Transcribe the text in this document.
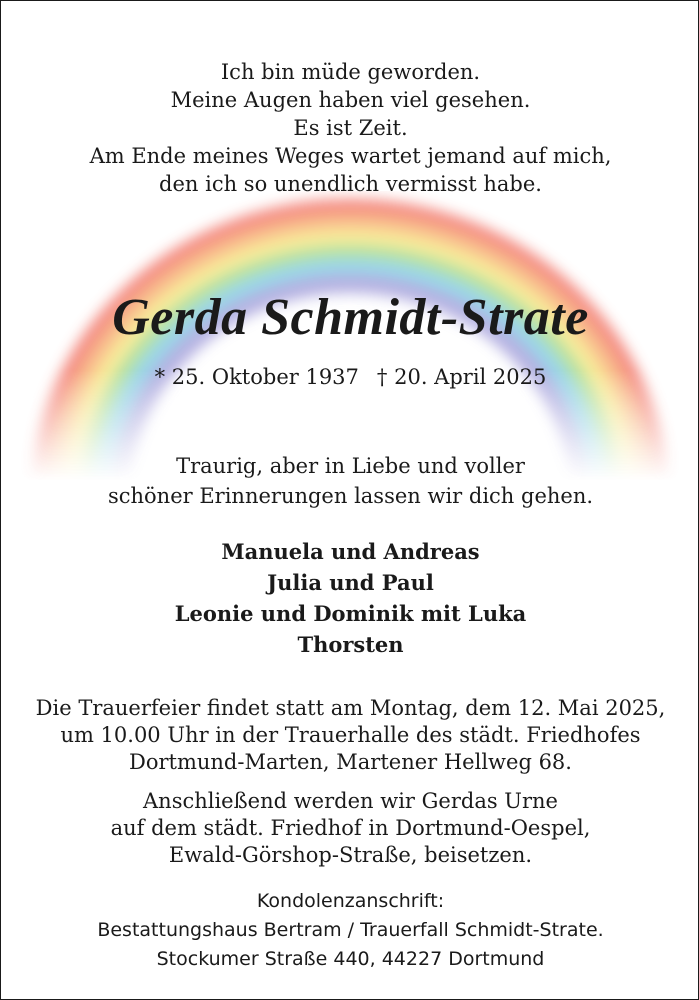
Ich bin müde geworden.
Meine Augen haben viel gesehen.
Es ist Zeit.
Am Ende meines Weges wartet jemand auf mich,
den ich so unendlich vermisst habe.
Gerda Schmidt-Strate
* 25. Oktober 1937 † 20. April 2025
Traurig, aber in Liebe und voller
schöner Erinnerungen lassen wir dich gehen.
Manuela und Andreas
Julia und Paul
Leonie und Dominik mit Luka
Thorsten
Die Trauerfeier findet statt am Montag, dem 12. Mai 2025,
um 10.00 Uhr in der Trauerhalle des städt. Friedhofes
Dortmund-Marten, Martener Hellweg 68.
Anschließend werden wir Gerdas Urne
auf dem städt. Friedhof in Dortmund-Oespel,
Ewald-Görshop-Straße, beisetzen.
Kondolenzanschrift:
Bestattungshaus Bertram / Trauerfall Schmidt-Strate.
Stockumer Straße 440, 44227 Dortmund
